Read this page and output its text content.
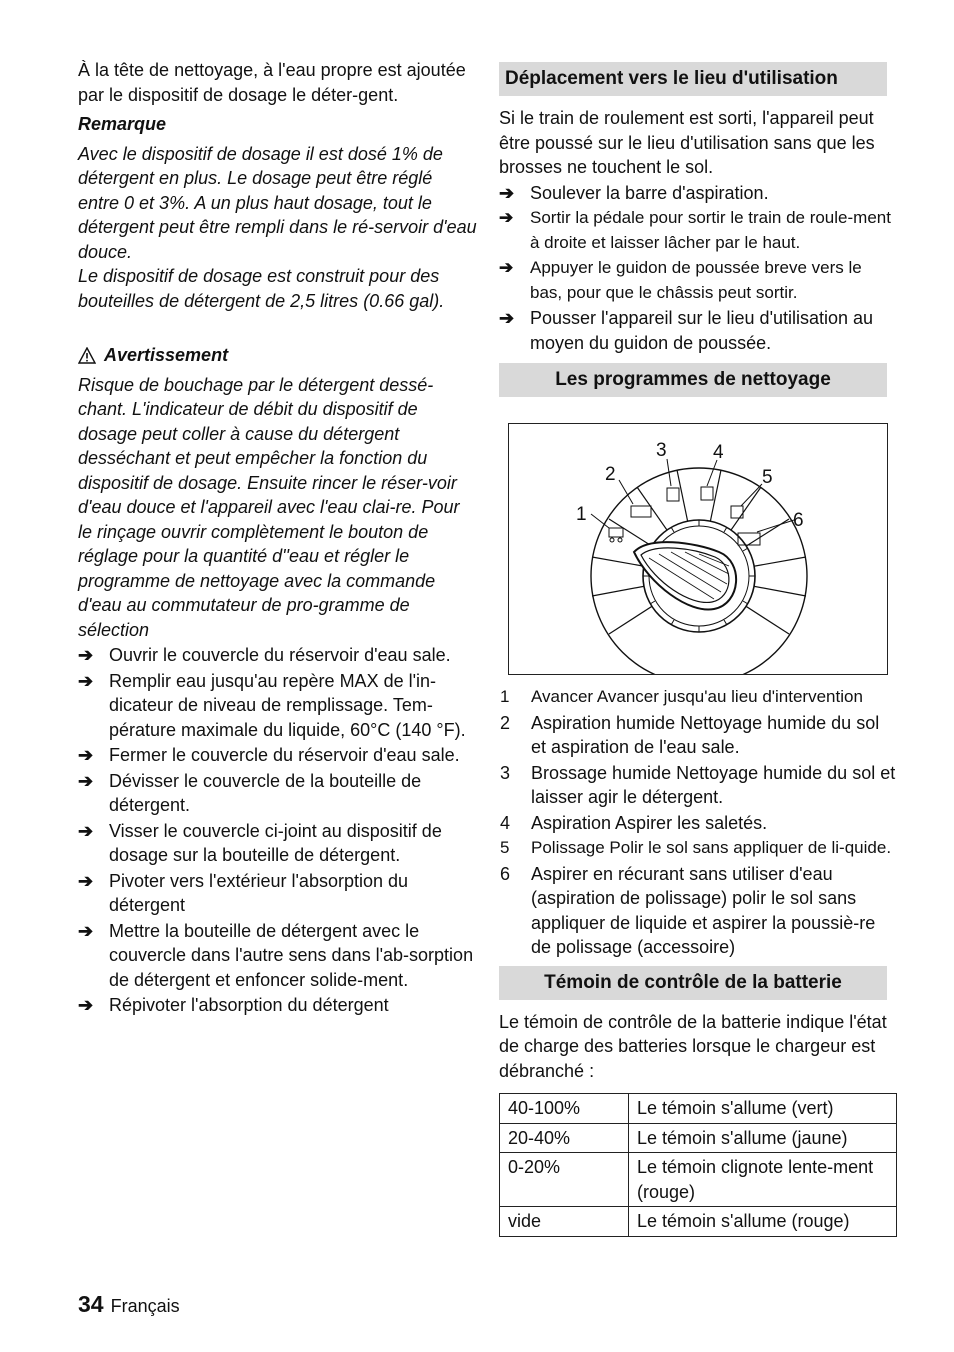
À la tête de nettoyage, à l'eau propre est ajoutée par le dispositif de dosage le déter-gent.

Remarque

Avec le dispositif de dosage il est dosé 1% de détergent en plus. Le dosage peut être réglé entre 0 et 3%. A un plus haut dosage, tout le détergent peut être rempli dans le ré-servoir d'eau douce.

Le dispositif de dosage est construit pour des bouteilles de détergent de 2,5 litres (0.66 gal).

Avertissement

Risque de bouchage par le détergent dessé-chant. L'indicateur de débit du dispositif de dosage peut coller à cause du détergent desséchant et peut empêcher la fonction du dispositif de dosage. Ensuite rincer le réser-voir d'eau douce et l'appareil avec l'eau clai-re. Pour le rinçage ouvrir complètement le bouton de réglage pour la quantité d''eau et régler le programme de nettoyage avec la commande d'eau au commutateur de pro-gramme de sélection

➔ Ouvrir le couvercle du réservoir d'eau sale.
➔ Remplir eau jusqu'au repère MAX de l'in-dicateur de niveau de remplissage. Tem-pérature maximale du liquide, 60°C (140 °F).
➔ Fermer le couvercle du réservoir d'eau sale.
➔ Dévisser le couvercle de la bouteille de détergent.
➔ Visser le couvercle ci-joint au dispositif de dosage sur la bouteille de détergent.
➔ Pivoter vers l'extérieur l'absorption du détergent
➔ Mettre la bouteille de détergent avec le couvercle dans l'autre sens dans l'ab-sorption de détergent et enfoncer solide-ment.
➔ Répivoter l'absorption du détergent
Déplacement vers le lieu d'utilisation

Si le train de roulement est sorti, l'appareil peut être poussé sur le lieu d'utilisation sans que les brosses ne touchent le sol.

➔ Soulever la barre d'aspiration.
➔ Sortir la pédale pour sortir le train de roule-ment à droite et laisser lâcher par le haut.
➔ Appuyer le guidon de poussée breve vers le bas, pour que le châssis peut sortir.
➔ Pousser l'appareil sur le lieu d'utilisation au moyen du guidon de poussée.
Les programmes de nettoyage
1
2
3 4
5
6
1 Avancer Avancer jusqu'au lieu d'intervention
2 Aspiration humide Nettoyage humide du sol et aspiration de l'eau sale.
3 Brossage humide Nettoyage humide du sol et laisser agir le détergent.
4 Aspiration Aspirer les saletés.
5 Polissage Polir le sol sans appliquer de li-quide.
6 Aspirer en récurant sans utiliser d'eau (aspiration de polissage) polir le sol sans appliquer de liquide et aspirer la poussiè-re de polissage (accessoire)
Témoin de contrôle de la batterie

Le témoin de contrôle de la batterie indique l'état de charge des batteries lorsque le chargeur est débranché :

40-100%	Le témoin s'allume (vert)
20-40%	Le témoin s'allume (jaune)
0-20%	Le témoin clignote lente-ment (rouge)
vide	Le témoin s'allume (rouge)
34 Français
